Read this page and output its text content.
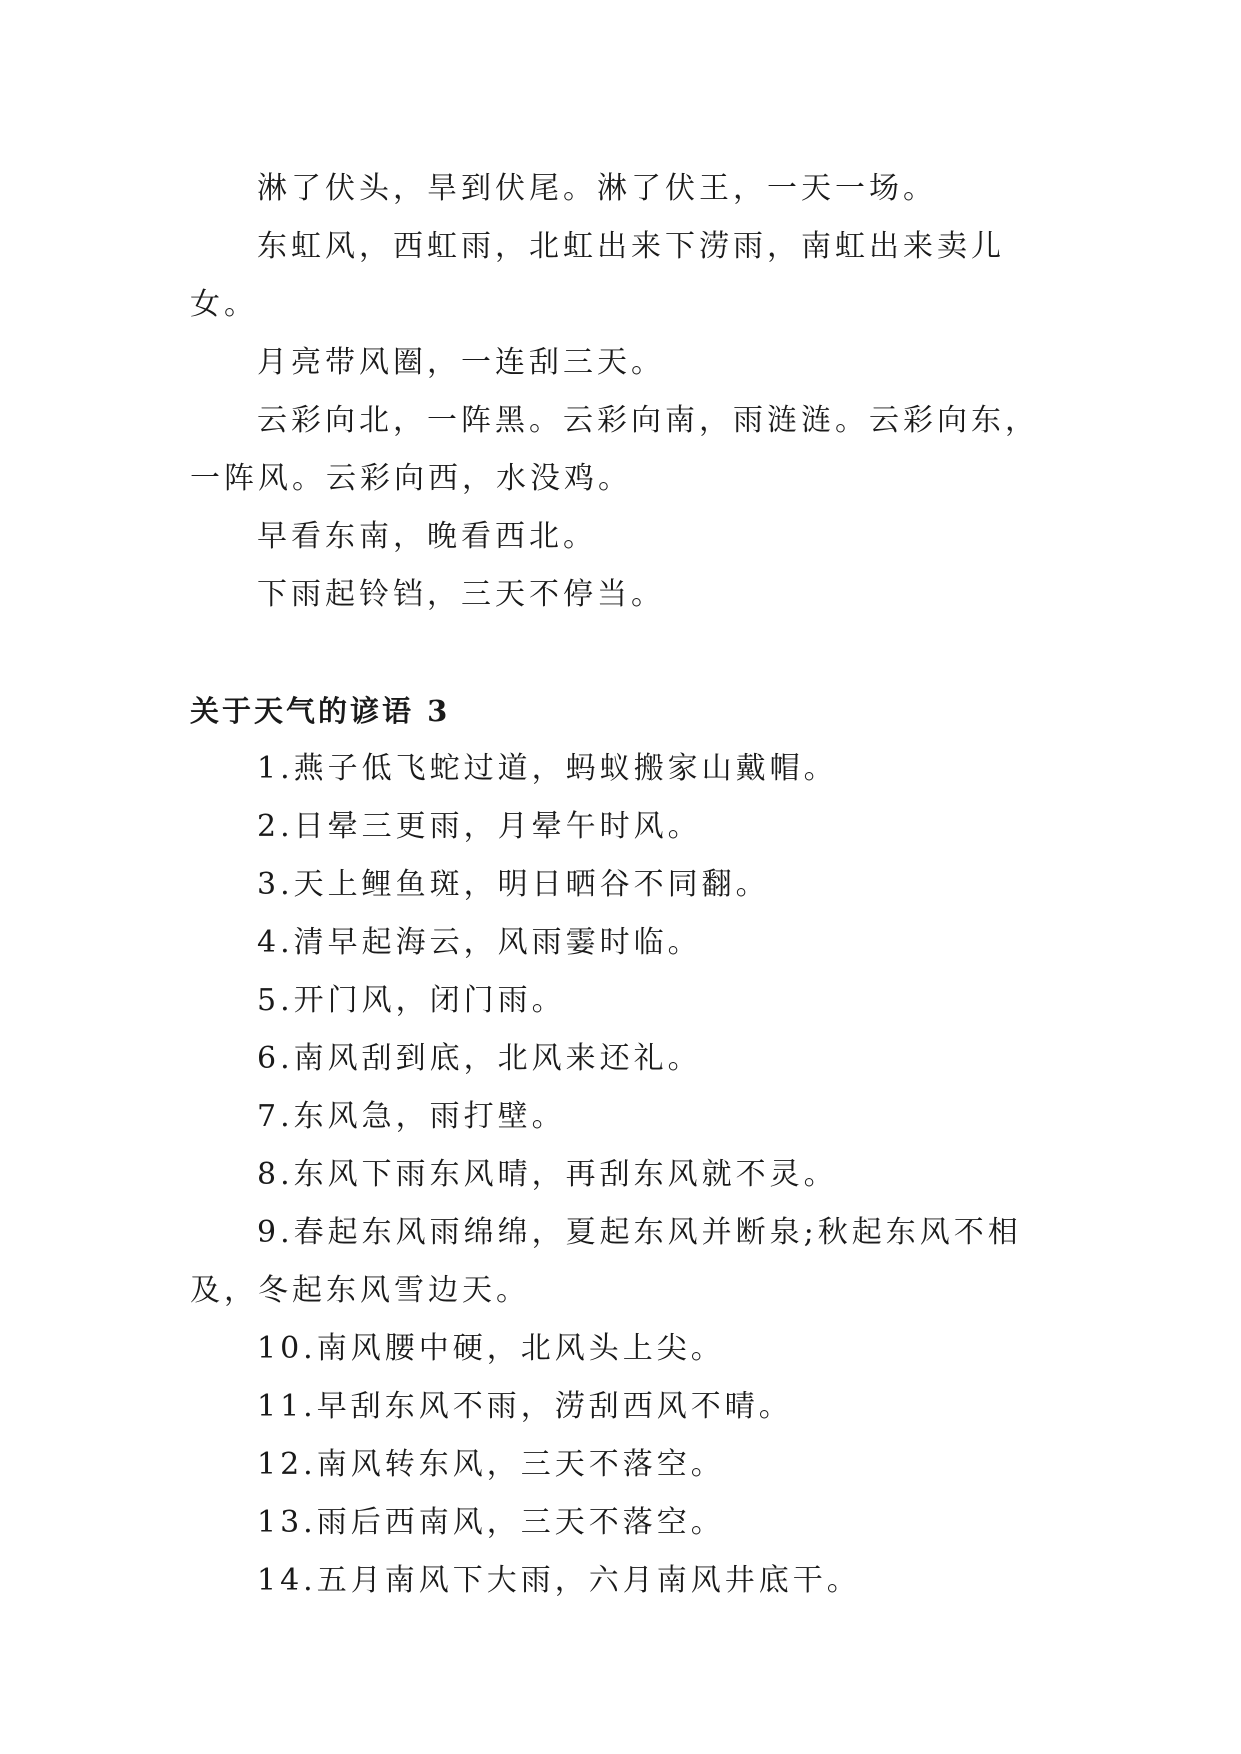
淋了伏头，旱到伏尾。淋了伏王，一天一场。

东虹风，西虹雨，北虹出来下涝雨，南虹出来卖儿女。

月亮带风圈，一连刮三天。

云彩向北，一阵黑。云彩向南，雨涟涟。云彩向东，一阵风。云彩向西，水没鸡。

早看东南，晚看西北。

下雨起铃铛，三天不停当。

关于天气的谚语 3
1.燕子低飞蛇过道，蚂蚁搬家山戴帽。
2.日晕三更雨，月晕午时风。
3.天上鲤鱼斑，明日晒谷不同翻。
4.清早起海云，风雨霎时临。
5.开门风，闭门雨。
6.南风刮到底，北风来还礼。
7.东风急，雨打壁。
8.东风下雨东风晴，再刮东风就不灵。
9.春起东风雨绵绵，夏起东风并断泉;秋起东风不相及，冬起东风雪边天。
10.南风腰中硬，北风头上尖。
11.早刮东风不雨，涝刮西风不晴。
12.南风转东风，三天不落空。
13.雨后西南风，三天不落空。
14.五月南风下大雨，六月南风井底干。
